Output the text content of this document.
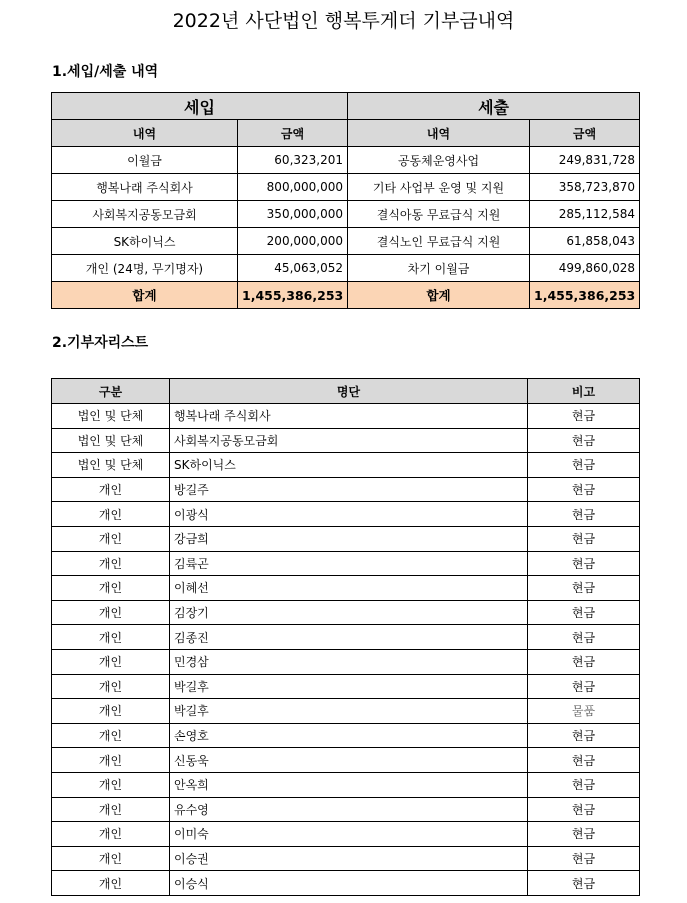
2022년 사단법인 행복투게더 기부금내역
1.세입/세출 내역
세입		세출	
내역	금액	내역	금액
이월금	60,323,201	공동체운영사업	249,831,728
행복나래 주식회사	800,000,000	기타 사업부 운영 및 지원	358,723,870
사회복지공동모금회	350,000,000	결식아동 무료급식 지원	285,112,584
SK하이닉스	200,000,000	결식노인 무료급식 지원	61,858,043
개인 (24명, 무기명자)	45,063,052	차기 이월금	499,860,028
합계	1,455,386,253	합계	1,455,386,253
2.기부자리스트
구분	명단	비고
법인 및 단체	행복나래 주식회사	현금
법인 및 단체	사회복지공동모금회	현금
법인 및 단체	SK하이닉스	현금
개인	방길주	현금
개인	이광식	현금
개인	강금희	현금
개인	김륙곤	현금
개인	이혜선	현금
개인	김장기	현금
개인	김종진	현금
개인	민경삼	현금
개인	박길후	현금
개인	박길후	물품
개인	손영호	현금
개인	신동욱	현금
개인	안옥희	현금
개인	유수영	현금
개인	이미숙	현금
개인	이승권	현금
개인	이승식	현금
